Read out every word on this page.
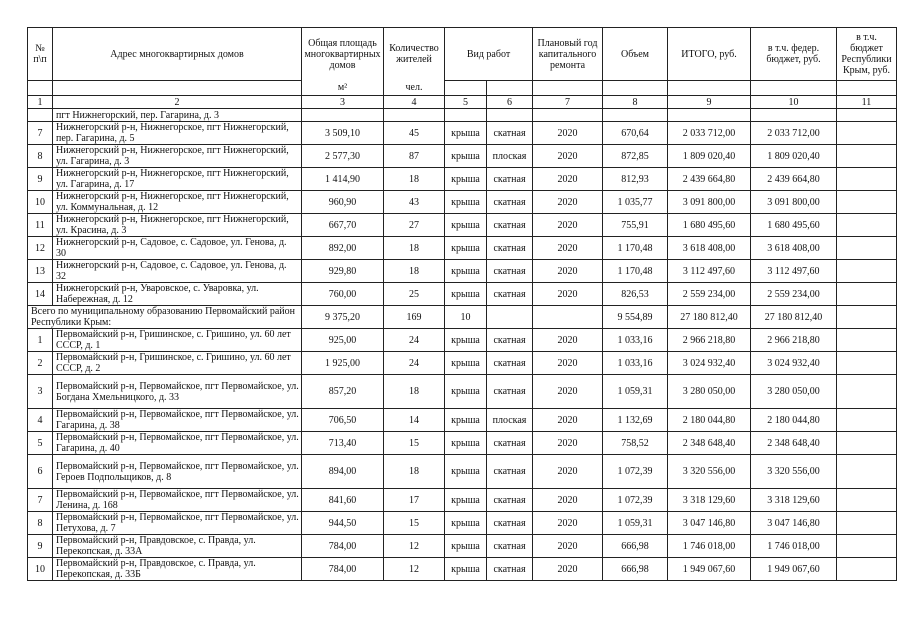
№ п\п	Адрес многоквартирных домов	Общая площадь многоквартирных домов	Количество жителей	Вид работ		Плановый год капитального ремонта	Объем	ИТОГО, руб.	в т.ч. федер. бюджет, руб.	в т.ч. бюджет Республики Крым, руб.
		м²	чел.							
1	2	3	4	5	6	7	8	9	10	11
	пгт Нижнегорский, пер. Гагарина, д. 3									
7	Нижнегорский р-н, Нижнегорское, пгт Нижнегорский, пер. Гагарина, д. 5	3 509,10	45	крыша	скатная	2020	670,64	2 033 712,00	2 033 712,00	
8	Нижнегорский р-н, Нижнегорское, пгт Нижнегорский, ул. Гагарина, д. 3	2 577,30	87	крыша	плоская	2020	872,85	1 809 020,40	1 809 020,40	
9	Нижнегорский р-н, Нижнегорское, пгт Нижнегорский, ул. Гагарина, д. 17	1 414,90	18	крыша	скатная	2020	812,93	2 439 664,80	2 439 664,80	
10	Нижнегорский р-н, Нижнегорское, пгт Нижнегорский, ул. Коммунальная, д. 12	960,90	43	крыша	скатная	2020	1 035,77	3 091 800,00	3 091 800,00	
11	Нижнегорский р-н, Нижнегорское, пгт Нижнегорский, ул. Красина, д. 3	667,70	27	крыша	скатная	2020	755,91	1 680 495,60	1 680 495,60	
12	Нижнегорский р-н, Садовое, с. Садовое, ул. Генова, д. 30	892,00	18	крыша	скатная	2020	1 170,48	3 618 408,00	3 618 408,00	
13	Нижнегорский р-н, Садовое, с. Садовое, ул. Генова, д. 32	929,80	18	крыша	скатная	2020	1 170,48	3 112 497,60	3 112 497,60	
14	Нижнегорский р-н, Уваровское, с. Уваровка, ул. Набережная, д. 12	760,00	25	крыша	скатная	2020	826,53	2 559 234,00	2 559 234,00	
Всего по муниципальному образованию Первомайский район Республики Крым:		9 375,20	169	10			9 554,89	27 180 812,40	27 180 812,40	
1	Первомайский р-н, Гришинское, с. Гришино, ул. 60 лет СССР, д. 1	925,00	24	крыша	скатная	2020	1 033,16	2 966 218,80	2 966 218,80	
2	Первомайский р-н, Гришинское, с. Гришино, ул. 60 лет СССР, д. 2	1 925,00	24	крыша	скатная	2020	1 033,16	3 024 932,40	3 024 932,40	
3	Первомайский р-н, Первомайское, пгт Первомайское, ул. Богдана Хмельницкого, д. 33	857,20	18	крыша	скатная	2020	1 059,31	3 280 050,00	3 280 050,00	
4	Первомайский р-н, Первомайское, пгт Первомайское, ул. Гагарина, д. 38	706,50	14	крыша	плоская	2020	1 132,69	2 180 044,80	2 180 044,80	
5	Первомайский р-н, Первомайское, пгт Первомайское, ул. Гагарина, д. 40	713,40	15	крыша	скатная	2020	758,52	2 348 648,40	2 348 648,40	
6	Первомайский р-н, Первомайское, пгт Первомайское, ул. Героев Подпольщиков, д. 8	894,00	18	крыша	скатная	2020	1 072,39	3 320 556,00	3 320 556,00	
7	Первомайский р-н, Первомайское, пгт Первомайское, ул. Ленина, д. 168	841,60	17	крыша	скатная	2020	1 072,39	3 318 129,60	3 318 129,60	
8	Первомайский р-н, Первомайское, пгт Первомайское, ул. Петухова, д. 7	944,50	15	крыша	скатная	2020	1 059,31	3 047 146,80	3 047 146,80	
9	Первомайский р-н, Правдовское, с. Правда, ул. Перекопская, д. 33А	784,00	12	крыша	скатная	2020	666,98	1 746 018,00	1 746 018,00	
10	Первомайский р-н, Правдовское, с. Правда, ул. Перекопская, д. 33Б	784,00	12	крыша	скатная	2020	666,98	1 949 067,60	1 949 067,60	
